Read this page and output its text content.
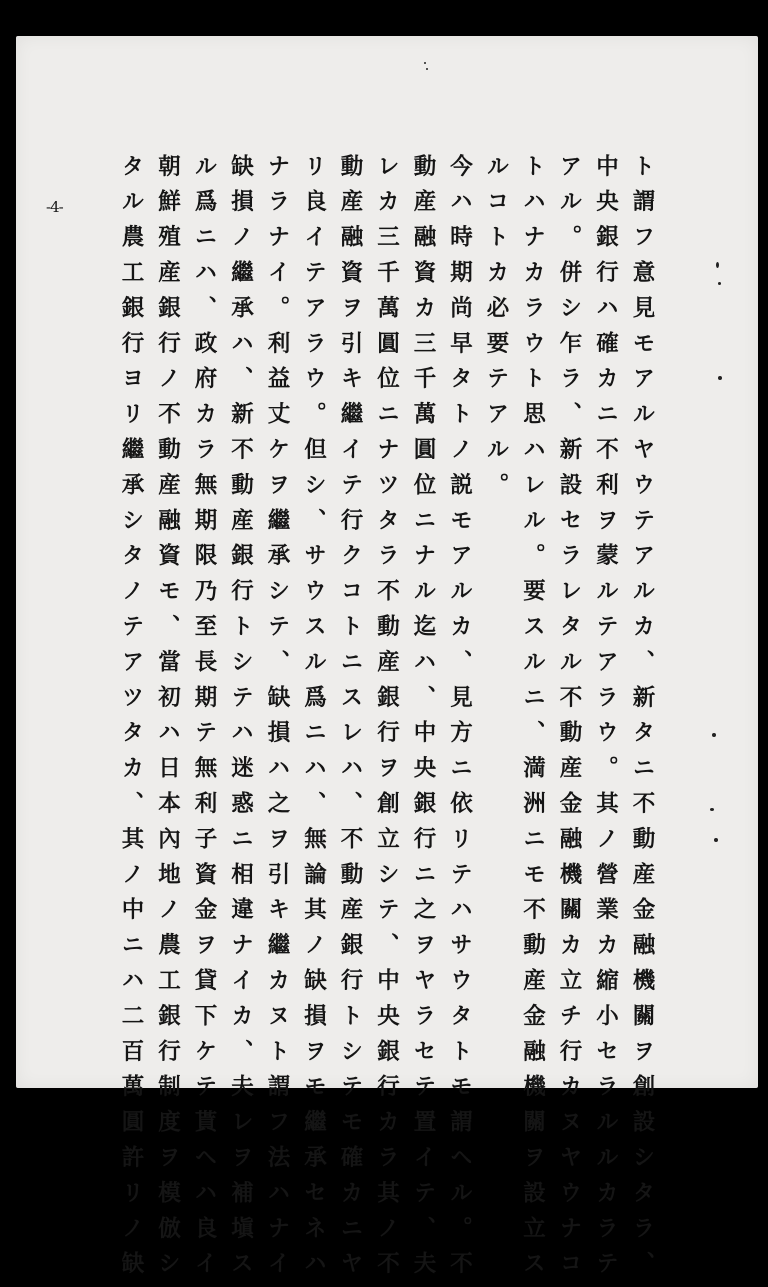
-4-	ト謂フ意見モアルヤウテアルカ、新タニ不動産金融機關ヲ創設シタラ、
中央銀行ハ確カニ不利ヲ蒙ルテアラウ。其ノ營業カ縮小セラルルカラテ
アル。併シ乍ラ、新設セラレタル不動産金融機關カ立チ行カヌヤウナコ
トハナカラウト思ハレル。要スルニ、満洲ニモ不動産金融機關ヲ設立ス
ルコトカ必要テアル。
今ハ時期尚早タトノ説モアルカ、見方ニ依リテハサウタトモ謂ヘル。不
動産融資カ三千萬圓位ニナル迄ハ、中央銀行ニ之ヲヤラセテ置イテ、夫
レカ三千萬圓位ニナツタラ不動産銀行ヲ創立シテ、中央銀行カラ其ノ不
動産融資ヲ引キ繼イテ行クコトニスレハ、不動産銀行トシテモ確カニヤ
リ良イテアラウ。但シ、サウスル爲ニハ、無論其ノ缺損ヲモ繼承セネハ
ナラナイ。利益丈ケヲ繼承シテ、缺損ハ之ヲ引キ繼カヌト謂フ法ハナイ
缺損ノ繼承ハ、新不動産銀行トシテハ迷惑ニ相違ナイカ、夫レヲ補塡ス
ル爲ニハ、政府カラ無期限乃至長期テ無利子資金ヲ貸下ケテ貰ヘハ良イ
朝鮮殖産銀行ノ不動産融資モ、當初ハ日本內地ノ農工銀行制度ヲ模倣シ
タル農工銀行ヨリ繼承シタノテアツタカ、其ノ中ニハ二百萬圓許リノ缺
